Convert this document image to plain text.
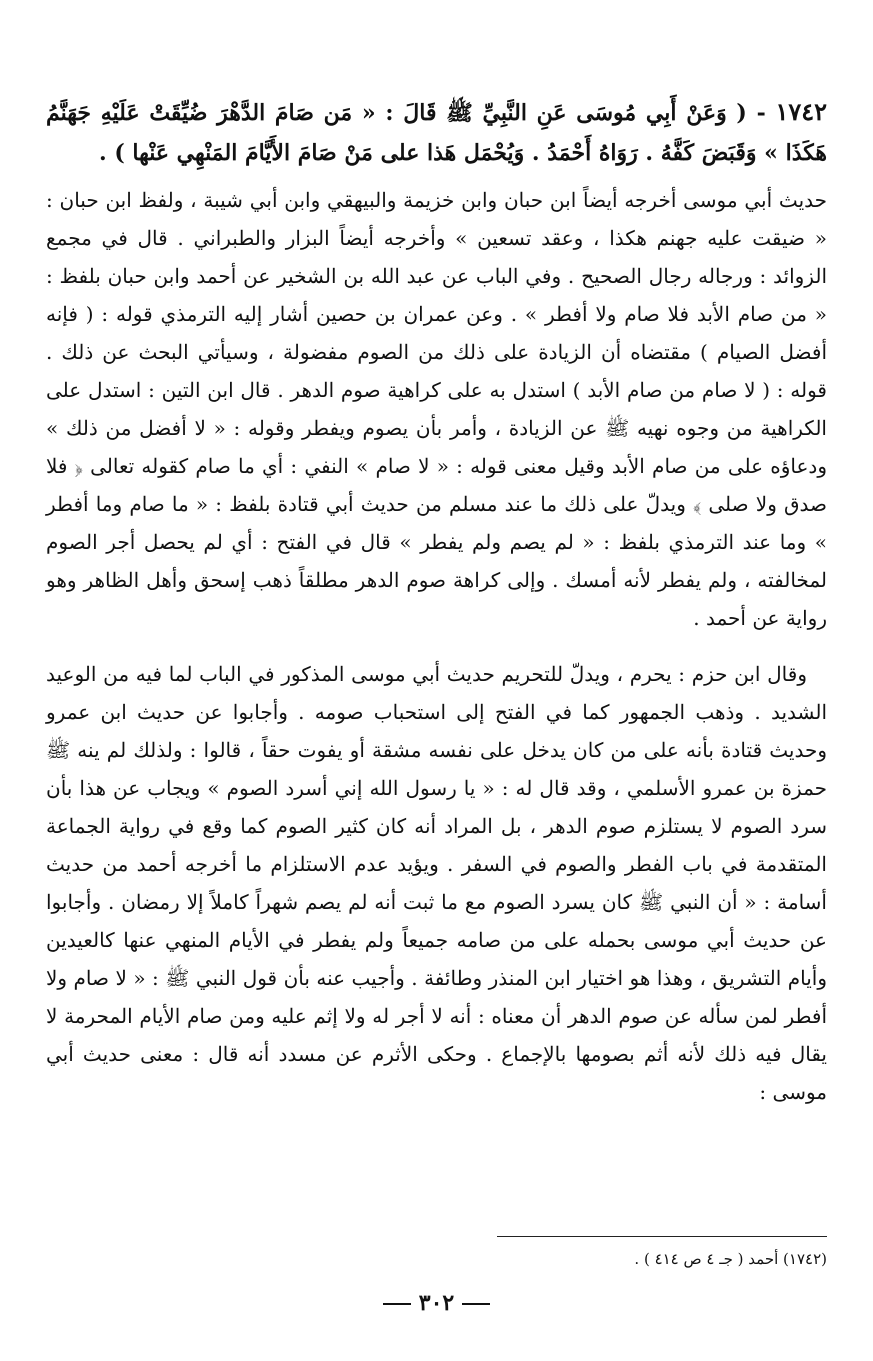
١٧٤٢ - ( وَعَنْ أَبِي مُوسَى عَنِ النَّبِيِّ ﷺ قَالَ : « مَن صَامَ الدَّهْرَ ضُيِّقَتْ عَلَيْهِ جَهَنَّمُ هَكَذَا » وَقَبَضَ كَفَّهُ . رَوَاهُ أَحْمَدُ . وَيُحْمَل هَذا على مَنْ صَامَ الأَيَّامَ المَنْهِي عَنْها ) .

حديث أبي موسى أخرجه أيضاً ابن حبان وابن خزيمة والبيهقي وابن أبي شيبة ، ولفظ ابن حبان : « ضيقت عليه جهنم هكذا ، وعقد تسعين » وأخرجه أيضاً البزار والطبراني . قال في مجمع الزوائد : ورجاله رجال الصحيح . وفي الباب عن عبد الله بن الشخير عن أحمد وابن حبان بلفظ : « من صام الأبد فلا صام ولا أفطر » . وعن عمران بن حصين أشار إليه الترمذي قوله : ( فإنه أفضل الصيام ) مقتضاه أن الزيادة على ذلك من الصوم مفضولة ، وسيأتي البحث عن ذلك . قوله : ( لا صام من صام الأبد ) استدل به على كراهية صوم الدهر . قال ابن التين : استدل على الكراهية من وجوه نهيه ﷺ عن الزيادة ، وأمر بأن يصوم ويفطر وقوله : « لا أفضل من ذلك » ودعاؤه على من صام الأبد وقيل معنى قوله : « لا صام » النفي : أي ما صام كقوله تعالى ﴿ فلا صدق ولا صلى ﴾ ويدلّ على ذلك ما عند مسلم من حديث أبي قتادة بلفظ : « ما صام وما أفطر » وما عند الترمذي بلفظ : « لم يصم ولم يفطر » قال في الفتح : أي لم يحصل أجر الصوم لمخالفته ، ولم يفطر لأنه أمسك . وإلى كراهة صوم الدهر مطلقاً ذهب إسحق وأهل الظاهر وهو رواية عن أحمد .

وقال ابن حزم : يحرم ، ويدلّ للتحريم حديث أبي موسى المذكور في الباب لما فيه من الوعيد الشديد . وذهب الجمهور كما في الفتح إلى استحباب صومه . وأجابوا عن حديث ابن عمرو وحديث قتادة بأنه على من كان يدخل على نفسه مشقة أو يفوت حقاً ، قالوا : ولذلك لم ينه ﷺ حمزة بن عمرو الأسلمي ، وقد قال له : « يا رسول الله إني أسرد الصوم » ويجاب عن هذا بأن سرد الصوم لا يستلزم صوم الدهر ، بل المراد أنه كان كثير الصوم كما وقع في رواية الجماعة المتقدمة في باب الفطر والصوم في السفر . ويؤيد عدم الاستلزام ما أخرجه أحمد من حديث أسامة : « أن النبي ﷺ كان يسرد الصوم مع ما ثبت أنه لم يصم شهراً كاملاً إلا رمضان . وأجابوا عن حديث أبي موسى بحمله على من صامه جميعاً ولم يفطر في الأيام المنهي عنها كالعيدين وأيام التشريق ، وهذا هو اختيار ابن المنذر وطائفة . وأجيب عنه بأن قول النبي ﷺ : « لا صام ولا أفطر لمن سأله عن صوم الدهر أن معناه : أنه لا أجر له ولا إثم عليه ومن صام الأيام المحرمة لا يقال فيه ذلك لأنه أثم بصومها بالإجماع . وحكى الأثرم عن مسدد أنه قال : معنى حديث أبي موسى :

(١٧٤٢) أحمد ( جـ ٤ ص ٤١٤ ) .
٣٠٢
